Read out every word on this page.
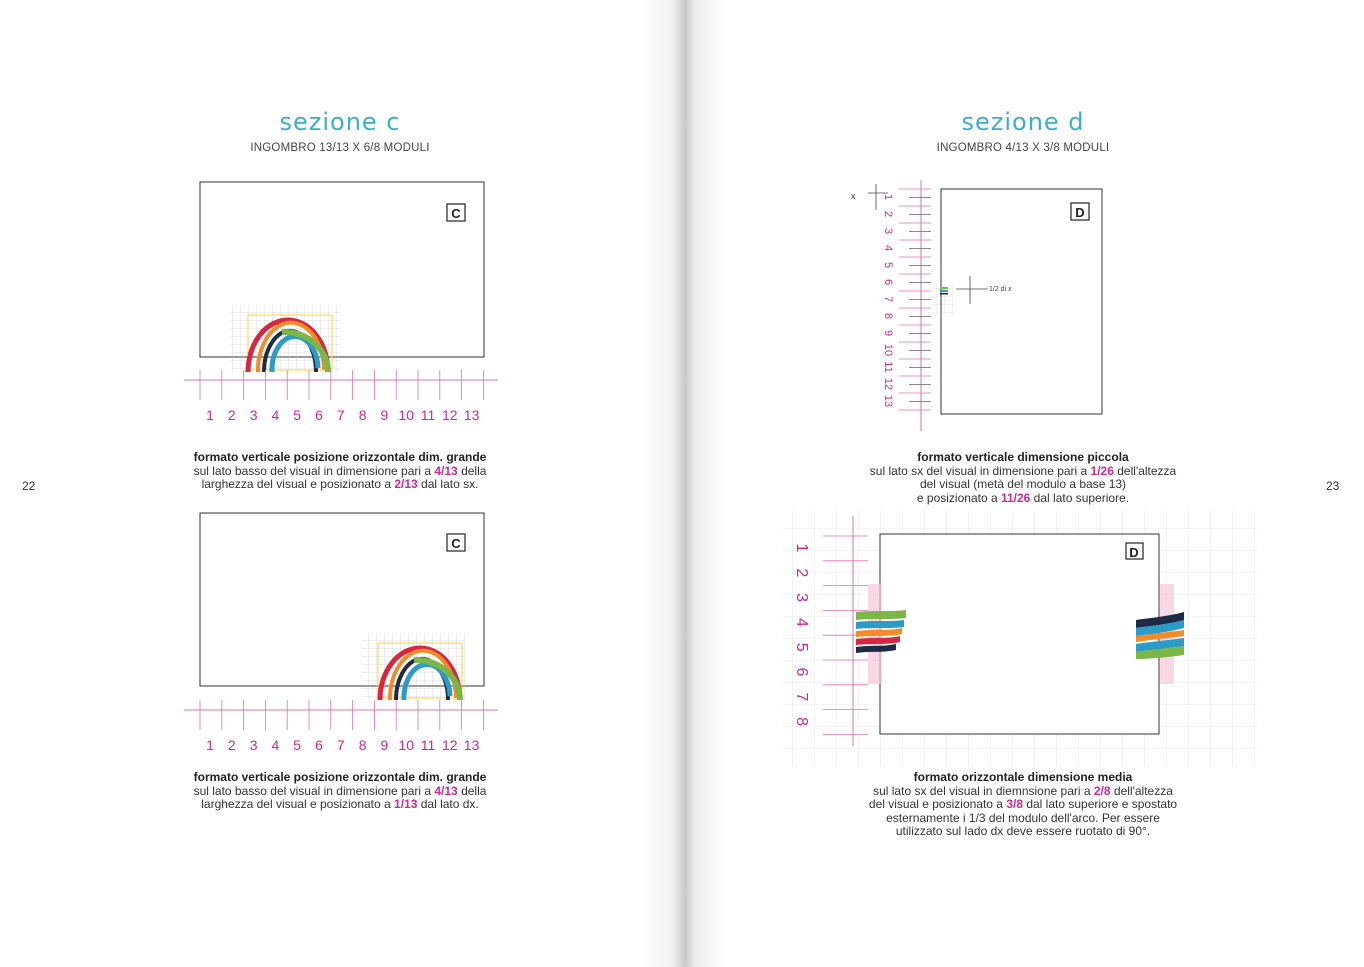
22
sezione c
INGOMBRO 13/13 X 6/8 MODULI
23
sezione d
INGOMBRO 4/13 X 3/8 MODULI
C
1 2 3 4 5 6 7 8 9 10 11 12 13
C
1 2 3 4 5 6 7 8 9 10 11 12 13
D
x 1
2
3
4
5
6
7
8
9
10
11
12
13
1/2 di x
D
1
2
3
4
5
6
7
8
formato verticale posizione orizzontale dim. grande
sul lato basso del visual in dimensione pari a 4/13 della
larghezza del visual e posizionato a 2/13 dal lato sx.
formato verticale posizione orizzontale dim. grande
sul lato basso del visual in dimensione pari a 4/13 della
larghezza del visual e posizionato a 1/13 dal lato dx.
formato verticale dimensione piccola
sul lato sx del visual in dimensione pari a 1/26 dell'altezza
del visual (metà del modulo a base 13)
e posizionato a 11/26 dal lato superiore.
formato orizzontale dimensione media
sul lato sx del visual in diemnsione pari a 2/8 dell'altezza
del visual e posizionato a 3/8 dal lato superiore e spostato
esternamente i 1/3 del modulo dell'arco. Per essere
utilizzato sul lado dx deve essere ruotato di 90°.
